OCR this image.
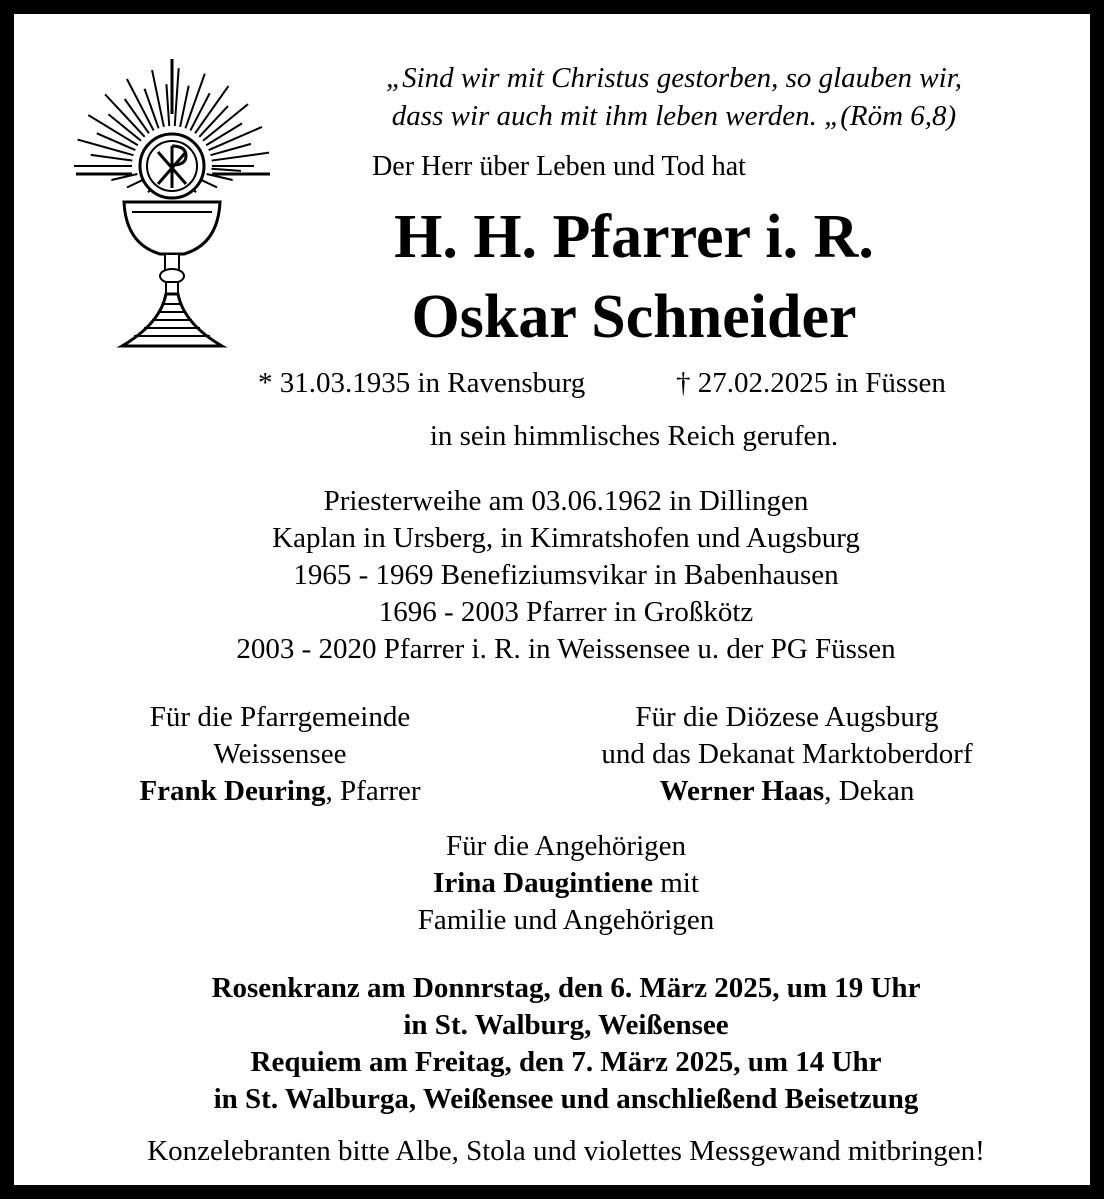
„Sind wir mit Christus gestorben, so glauben wir,
dass wir auch mit ihm leben werden. „(Röm 6,8)
Der Herr über Leben und Tod hat
H. H. Pfarrer i. R.
Oskar Schneider
* 31.03.1935 in Ravensburg	† 27.02.2025 in Füssen
in sein himmlisches Reich gerufen.
Priesterweihe am 03.06.1962 in Dillingen
Kaplan in Ursberg, in Kimratshofen und Augsburg
1965 - 1969 Benefiziumsvikar in Babenhausen
1696 - 2003 Pfarrer in Großkötz
2003 - 2020 Pfarrer i. R. in Weissensee u. der PG Füssen
Für die Pfarrgemeinde
Weissensee
Frank Deuring, Pfarrer
Für die Diözese Augsburg
und das Dekanat Marktoberdorf
Werner Haas, Dekan
Für die Angehörigen
Irina Daugintiene mit
Familie und Angehörigen
Rosenkranz am Donnrstag, den 6. März 2025, um 19 Uhr
in St. Walburg, Weißensee
Requiem am Freitag, den 7. März 2025, um 14 Uhr
in St. Walburga, Weißensee und anschließend Beisetzung
Konzelebranten bitte Albe, Stola und violettes Messgewand mitbringen!
